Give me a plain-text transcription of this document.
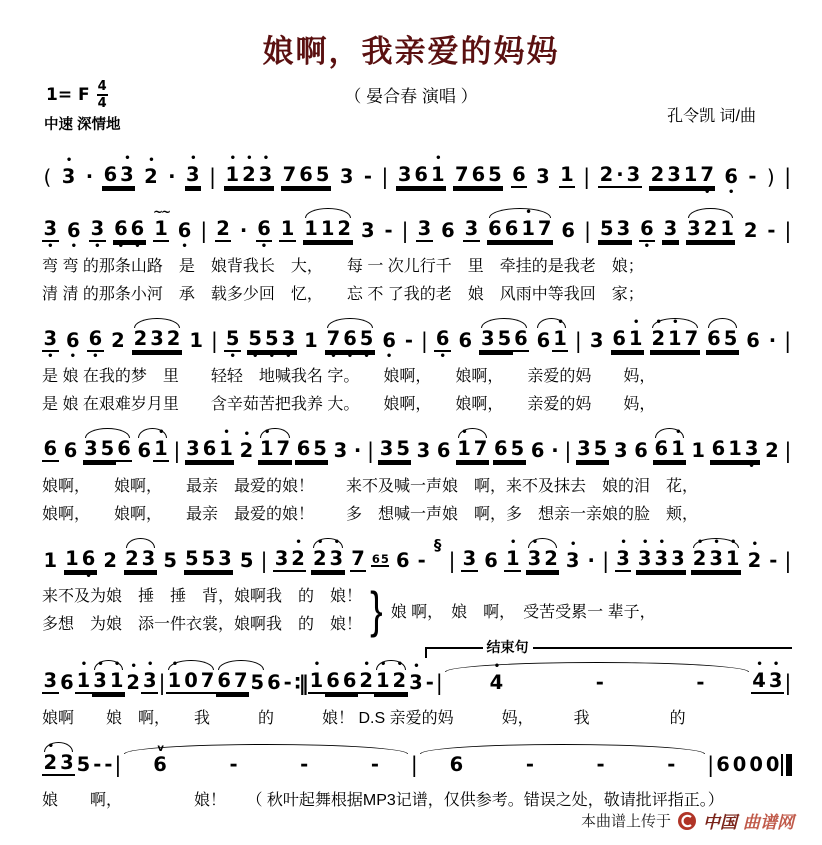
娘啊，我亲爱的妈妈
（ 晏合春 演唱 ）
1= F $\frac{4}{4}$
中速 深情地	孔令凯 词/曲
(
•
3 · 6
•
3
•
2 ·
•
3 |
•
1
•
2
•
3 7 6 5 3 - | 3 6
•
1 7 6 5 6 3 1 | 2 · 3 2 3 1 7
•
6
•
- ) |
3
•
6
•
3
•
6
•
6
•
~~
1 6
•
| 2 · 6
•
1 1 1 2 3 - | 3 6 3 6 6
•
1 7 6 | 5 3 6
•
3 3 2 1 2 - |
弯 弯 的那条山路　是　娘背我长　大，　　每 一 次儿行千　里　牵挂的是我老　娘；
清 清 的那条小河　承　载多少回　忆，　　忘 不 了我的老　娘　风雨中等我回　家；
3
•
6
•
6
•
2 2 3 2 1 | 5
•
5
•
5
•
3
•
1 7
•
6
•
5
•
6
•
- | 6
•
6 3 5 6 6
•
1 | 3 6
•
1
•
2
•
1 7 6 5 6 · |
是 娘 在我的梦　里　　轻轻　地喊我名 字。　　娘啊，　　娘啊，　　亲爱的妈　　妈，
是 娘 在艰难岁月里　　含辛茹苦把我养 大。　　娘啊，　　娘啊，　　亲爱的妈　　妈，
6 6 3 5 6 6
•
1 | 3 6
•
1
•
2
•
1 7 6 5 3 · | 3 5 3 6
•
1 7 6 5 6 · | 3 5 3 6 6
•
1 1 6 1 3
•
2 |
娘啊，　　娘啊，　　最亲　最爱的娘！　　来不及喊一声娘　啊，来不及抹去　娘的泪　花，
娘啊，　　娘啊，　　最亲　最爱的娘！　　多　想喊一声娘　啊，多　想亲一亲娘的脸　颊，
1 1 6
•
2 2 3 5 5 5 3 5 | 3
•
2
•
2
•
3 7 6 5 6 -
§
| 3 6
•
1
•
3 2
•
3 · |
•
3
•
3
•
3 3
•
2
•
3
•
1
•
2 - |
来不及为娘　捶　捶　背，娘啊我　的　娘！
多想　为娘　添一件衣裳，娘啊我　的　娘！ } 娘 啊，　娘　啊，　受苦受累一 辈子，
结束句
3 6
•
1
•
3
•
1
•
2
•
3 |
•
1 0 7 6 7 5 6 - ∶‖
•
1 6 6
•
2
•
1
•
2
•
3 - |
•
4	-	-
•
4
•
3 |
娘啊　　娘　啊，　　我　　　的　　　娘！ D.S 亲爱的妈　　　妈，　　　我　　　　　的
•
2 3 5 - - |
v
6	-	-	- | 6	-	-	- | 6 0 0 0
娘　　啊，　　　　　娘！　 （ 秋叶起舞根据MP3记谱，仅供参考。错误之处，敬请批评指正。）
本曲谱上传于 中国 曲谱网
